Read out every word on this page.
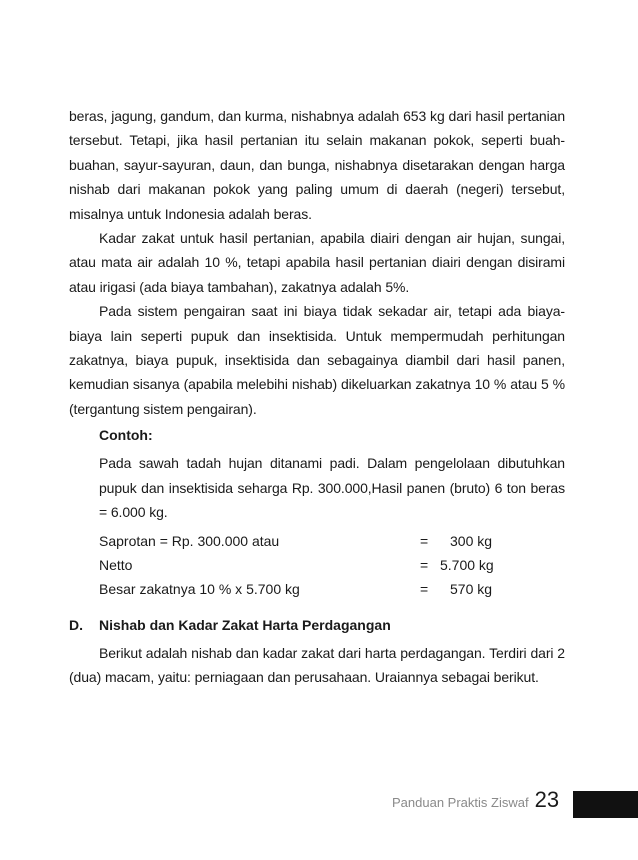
beras, jagung, gandum, dan kurma, nishabnya adalah 653 kg dari hasil pertanian tersebut. Tetapi, jika hasil pertanian itu selain makanan pokok, seperti buah-buahan, sayur-sayuran, daun, dan bunga, nishabnya disetarakan dengan harga nishab dari makanan pokok yang paling umum di daerah (negeri) tersebut, misalnya untuk Indonesia adalah beras.

Kadar zakat untuk hasil pertanian, apabila diairi dengan air hujan, sungai, atau mata air adalah 10 %, tetapi apabila hasil pertanian diairi dengan disirami atau irigasi (ada biaya tambahan), zakatnya adalah 5%.

Pada sistem pengairan saat ini biaya tidak sekadar air, tetapi ada biaya-biaya lain seperti pupuk dan insektisida. Untuk mempermudah perhitungan zakatnya, biaya pupuk, insektisida dan sebagainya diambil dari hasil panen, kemudian sisanya (apabila melebihi nishab) dikeluarkan zakatnya 10 % atau 5 % (tergantung sistem pengairan).

Contoh:

Pada sawah tadah hujan ditanami padi. Dalam pengelolaan dibutuhkan pupuk dan insektisida seharga Rp. 300.000,Hasil panen (bruto) 6 ton beras = 6.000 kg.

Saprotan = Rp. 300.000 atau	=	300 kg
Netto	= 5.700 kg
Besar zakatnya 10 % x 5.700 kg	=	570 kg
D.	Nishab dan Kadar Zakat Harta Perdagangan

Berikut adalah nishab dan kadar zakat dari harta perdagangan. Terdiri dari 2 (dua) macam, yaitu: perniagaan dan perusahaan. Uraiannya sebagai berikut.

Panduan Praktis Ziswaf 23
